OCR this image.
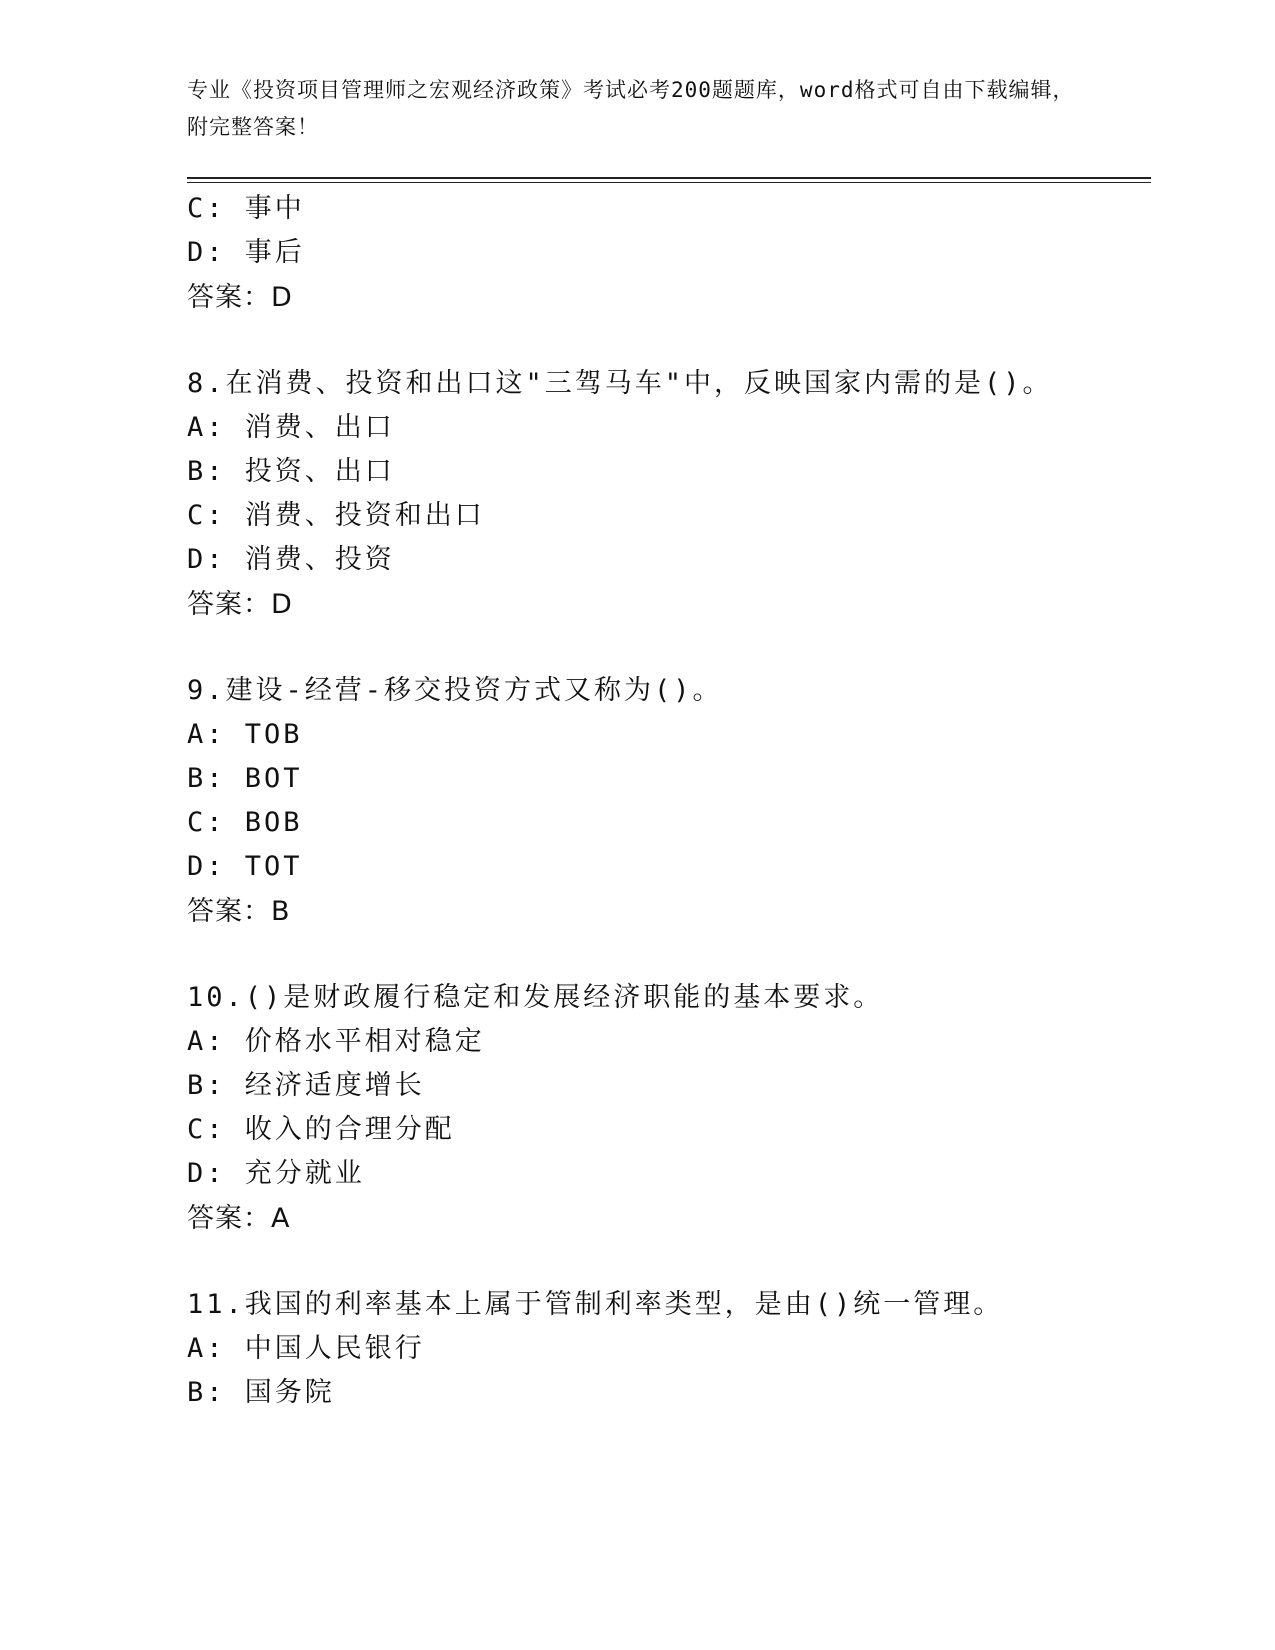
专业《投资项目管理师之宏观经济政策》考试必考200题题库，word格式可自由下载编辑，附完整答案！
C: 事中
D: 事后
答案：D
8.在消费、投资和出口这"三驾马车"中，反映国家内需的是()。
A: 消费、出口
B: 投资、出口
C: 消费、投资和出口
D: 消费、投资
答案：D
9.建设-经营-移交投资方式又称为()。
A: TOB
B: BOT
C: BOB
D: TOT
答案：B
10.()是财政履行稳定和发展经济职能的基本要求。
A: 价格水平相对稳定
B: 经济适度增长
C: 收入的合理分配
D: 充分就业
答案：A
11.我国的利率基本上属于管制利率类型，是由()统一管理。
A: 中国人民银行
B: 国务院
